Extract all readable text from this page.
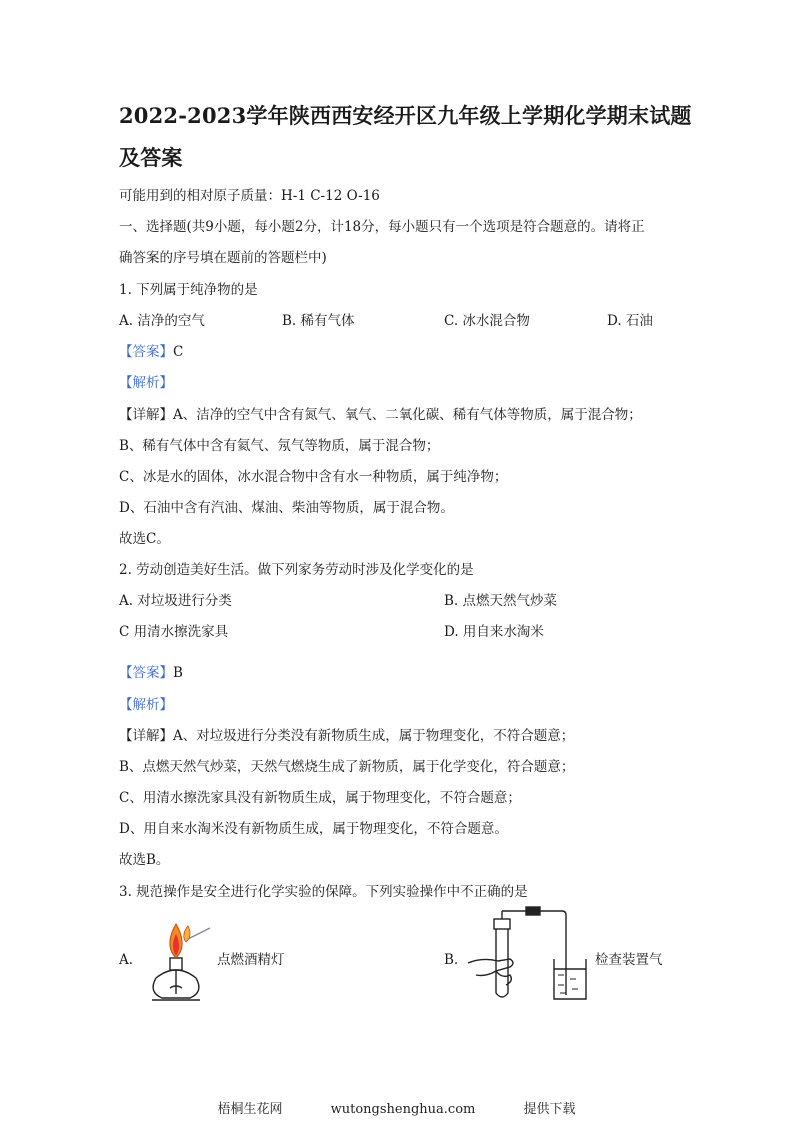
2022-2023学年陕西西安经开区九年级上学期化学期末试题
及答案
可能用到的相对原子质量：H-1 C-12 O-16
一、选择题(共9小题，每小题2分，计18分，每小题只有一个选项是符合题意的。请将正
确答案的序号填在题前的答题栏中)
1. 下列属于纯净物的是
A. 洁净的空气	B. 稀有气体	C. 冰水混合物	D. 石油
【答案】C
【解析】
【详解】A、洁净的空气中含有氮气、氧气、二氧化碳、稀有气体等物质，属于混合物；
B、稀有气体中含有氦气、氖气等物质，属于混合物；
C、冰是水的固体，冰水混合物中含有水一种物质，属于纯净物；
D、石油中含有汽油、煤油、柴油等物质，属于混合物。
故选C。
2. 劳动创造美好生活。做下列家务劳动时涉及化学变化的是
A. 对垃圾进行分类	B. 点燃天然气炒菜
C 用清水擦洗家具	D. 用自来水淘米
【答案】B
【解析】
【详解】A、对垃圾进行分类没有新物质生成，属于物理变化，不符合题意；
B、点燃天然气炒菜，天然气燃烧生成了新物质，属于化学变化，符合题意；
C、用清水擦洗家具没有新物质生成，属于物理变化，不符合题意；
D、用自来水淘米没有新物质生成，属于物理变化，不符合题意。
故选B。
3. 规范操作是安全进行化学实验的保障。下列实验操作中不正确的是
A.	点燃酒精灯	B.	检查装置气
梧桐生花网	wutongshenghua.com	提供下载
